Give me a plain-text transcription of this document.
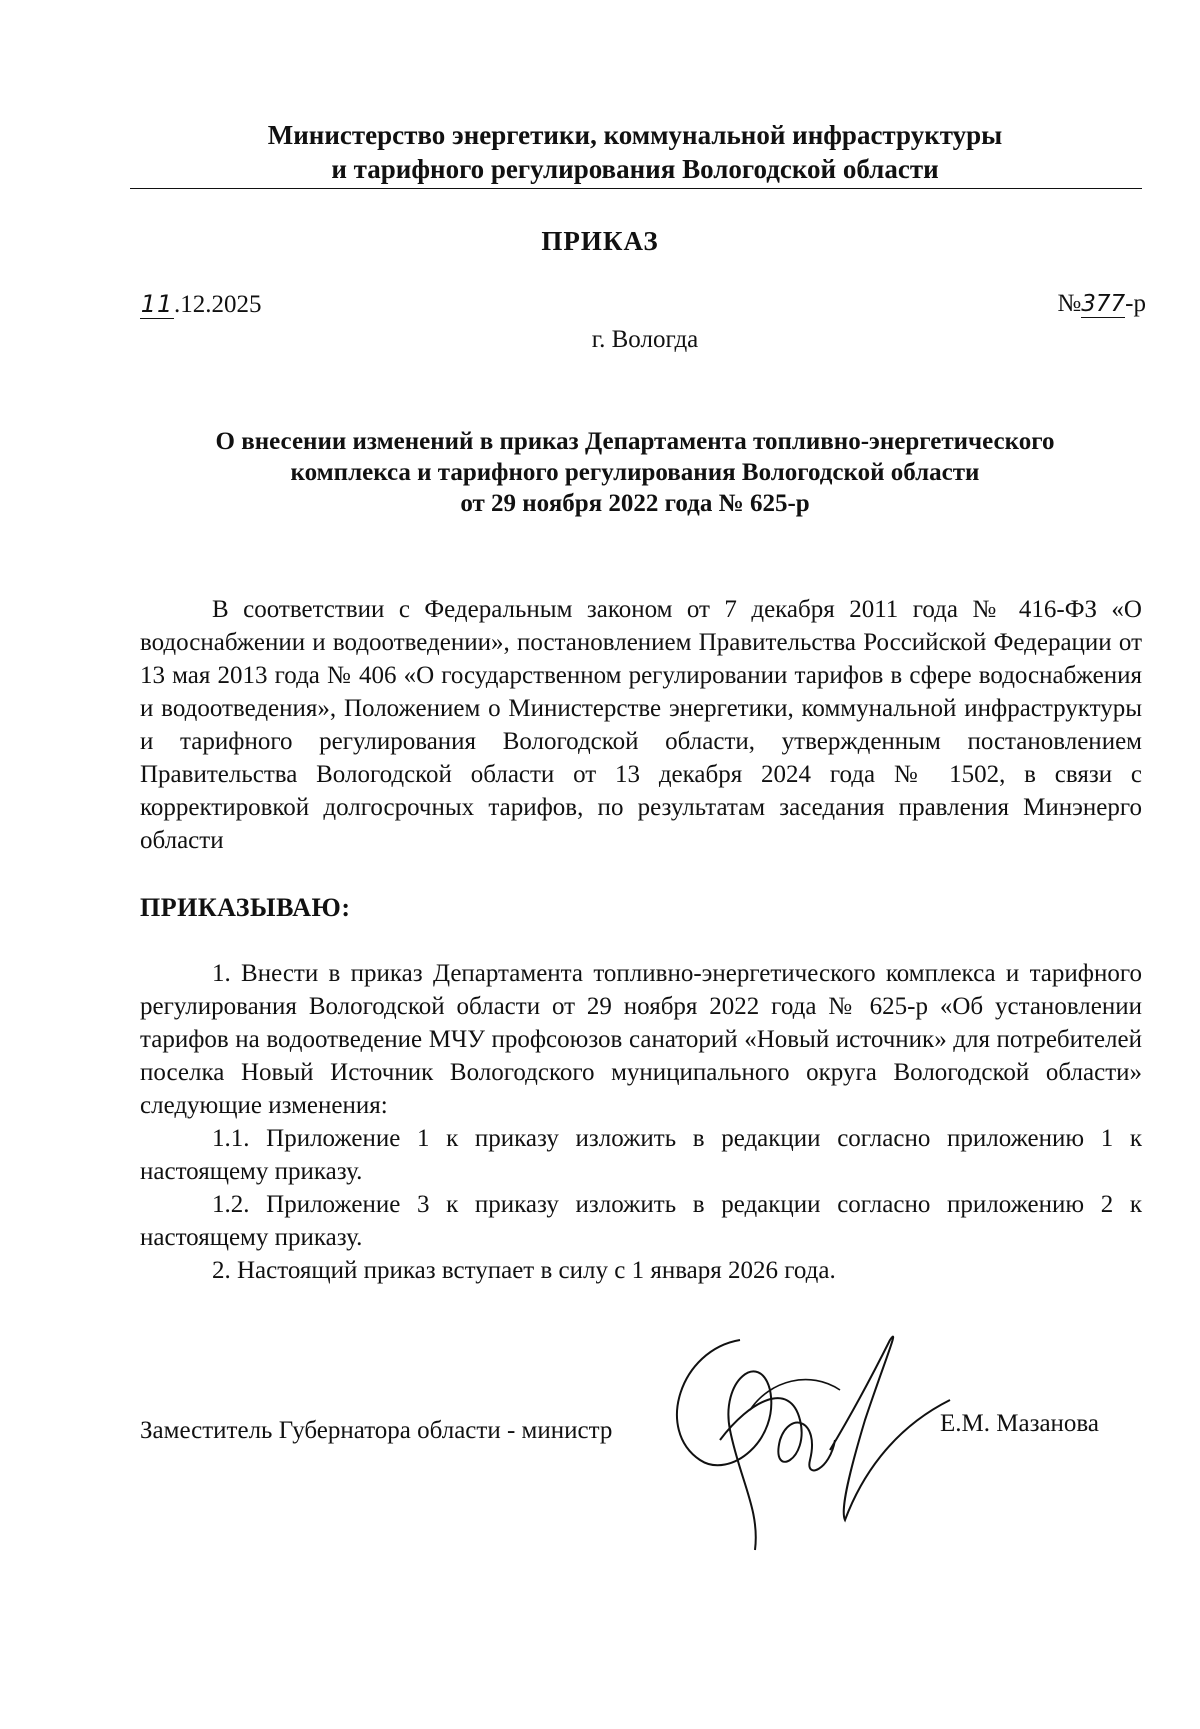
Министерство энергетики, коммунальной инфраструктуры
и тарифного регулирования Вологодской области
ПРИКАЗ
11.12.2025	№377-р
г. Вологда
О внесении изменений в приказ Департамента топливно-энергетического
комплекса и тарифного регулирования Вологодской области
от 29 ноября 2022 года № 625-р

В соответствии с Федеральным законом от 7 декабря 2011 года № 416-ФЗ «О водоснабжении и водоотведении», постановлением Правительства Российской Федерации от 13 мая 2013 года № 406 «О государственном регулировании тарифов в сфере водоснабжения и водоотведения», Положением о Министерстве энергетики, коммунальной инфраструктуры и тарифного регулирования Вологодской области, утвержденным постановлением Правительства Вологодской области от 13 декабря 2024 года № 1502, в связи с корректировкой долгосрочных тарифов, по результатам заседания правления Минэнерго области

ПРИКАЗЫВАЮ:

1. Внести в приказ Департамента топливно-энергетического комплекса и тарифного регулирования Вологодской области от 29 ноября 2022 года № 625-р «Об установлении тарифов на водоотведение МЧУ профсоюзов санаторий «Новый источник» для потребителей поселка Новый Источник Вологодского муниципального округа Вологодской области» следующие изменения:

1.1. Приложение 1 к приказу изложить в редакции согласно приложению 1 к настоящему приказу.

1.2. Приложение 3 к приказу изложить в редакции согласно приложению 2 к настоящему приказу.

2. Настоящий приказ вступает в силу с 1 января 2026 года.

Заместитель Губернатора области - министр	Е.М. Мазанова
